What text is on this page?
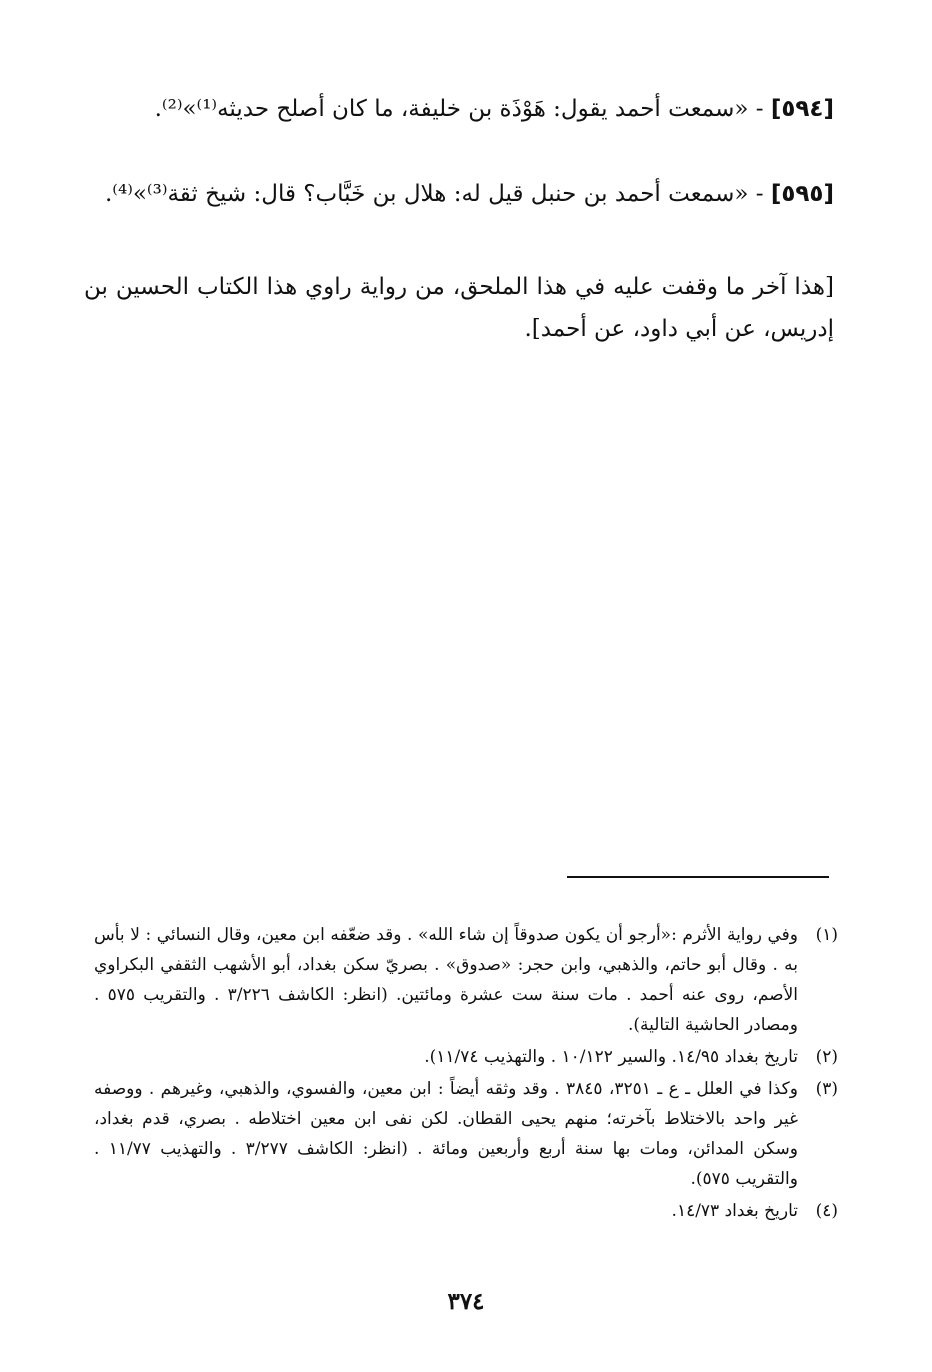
[٥٩٤] - «سمعت أحمد يقول: هَوْذَة بن خليفة، ما كان أصلح حديثه⁽¹⁾»⁽²⁾.

[٥٩٥] - «سمعت أحمد بن حنبل قيل له: هلال بن خَبَّاب؟ قال: شيخ ثقة⁽³⁾»⁽⁴⁾.

[هذا آخر ما وقفت عليه في هذا الملحق، من رواية راوي هذا الكتاب الحسين بن إدريس، عن أبي داود، عن أحمد].

(١)
وفي رواية الأثرم :«أرجو أن يكون صدوقاً إن شاء الله» . وقد ضعّفه ابن معين، وقال النسائي : لا بأس به . وقال أبو حاتم، والذهبي، وابن حجر: «صدوق» . بصريّ سكن بغداد، أبو الأشهب الثقفي البكراوي الأصم، روى عنه أحمد . مات سنة ست عشرة ومائتين. (انظر: الكاشف ٣/٢٢٦ . والتقريب ٥٧٥ . ومصادر الحاشية التالية).
(٢)
تاريخ بغداد ١٤/٩٥. والسير ١٠/١٢٢ . والتهذيب ١١/٧٤).
(٣)
وكذا في العلل ـ ع ـ ٣٢٥١، ٣٨٤٥ . وقد وثقه أيضاً : ابن معين، والفسوي، والذهبي، وغيرهم . ووصفه غير واحد بالاختلاط بآخرته؛ منهم يحيى القطان. لكن نفى ابن معين اختلاطه . بصري، قدم بغداد، وسكن المدائن، ومات بها سنة أربع وأربعين ومائة . (انظر: الكاشف ٣/٢٧٧ . والتهذيب ١١/٧٧ . والتقريب ٥٧٥).
(٤)
تاريخ بغداد ١٤/٧٣.
٣٧٤
